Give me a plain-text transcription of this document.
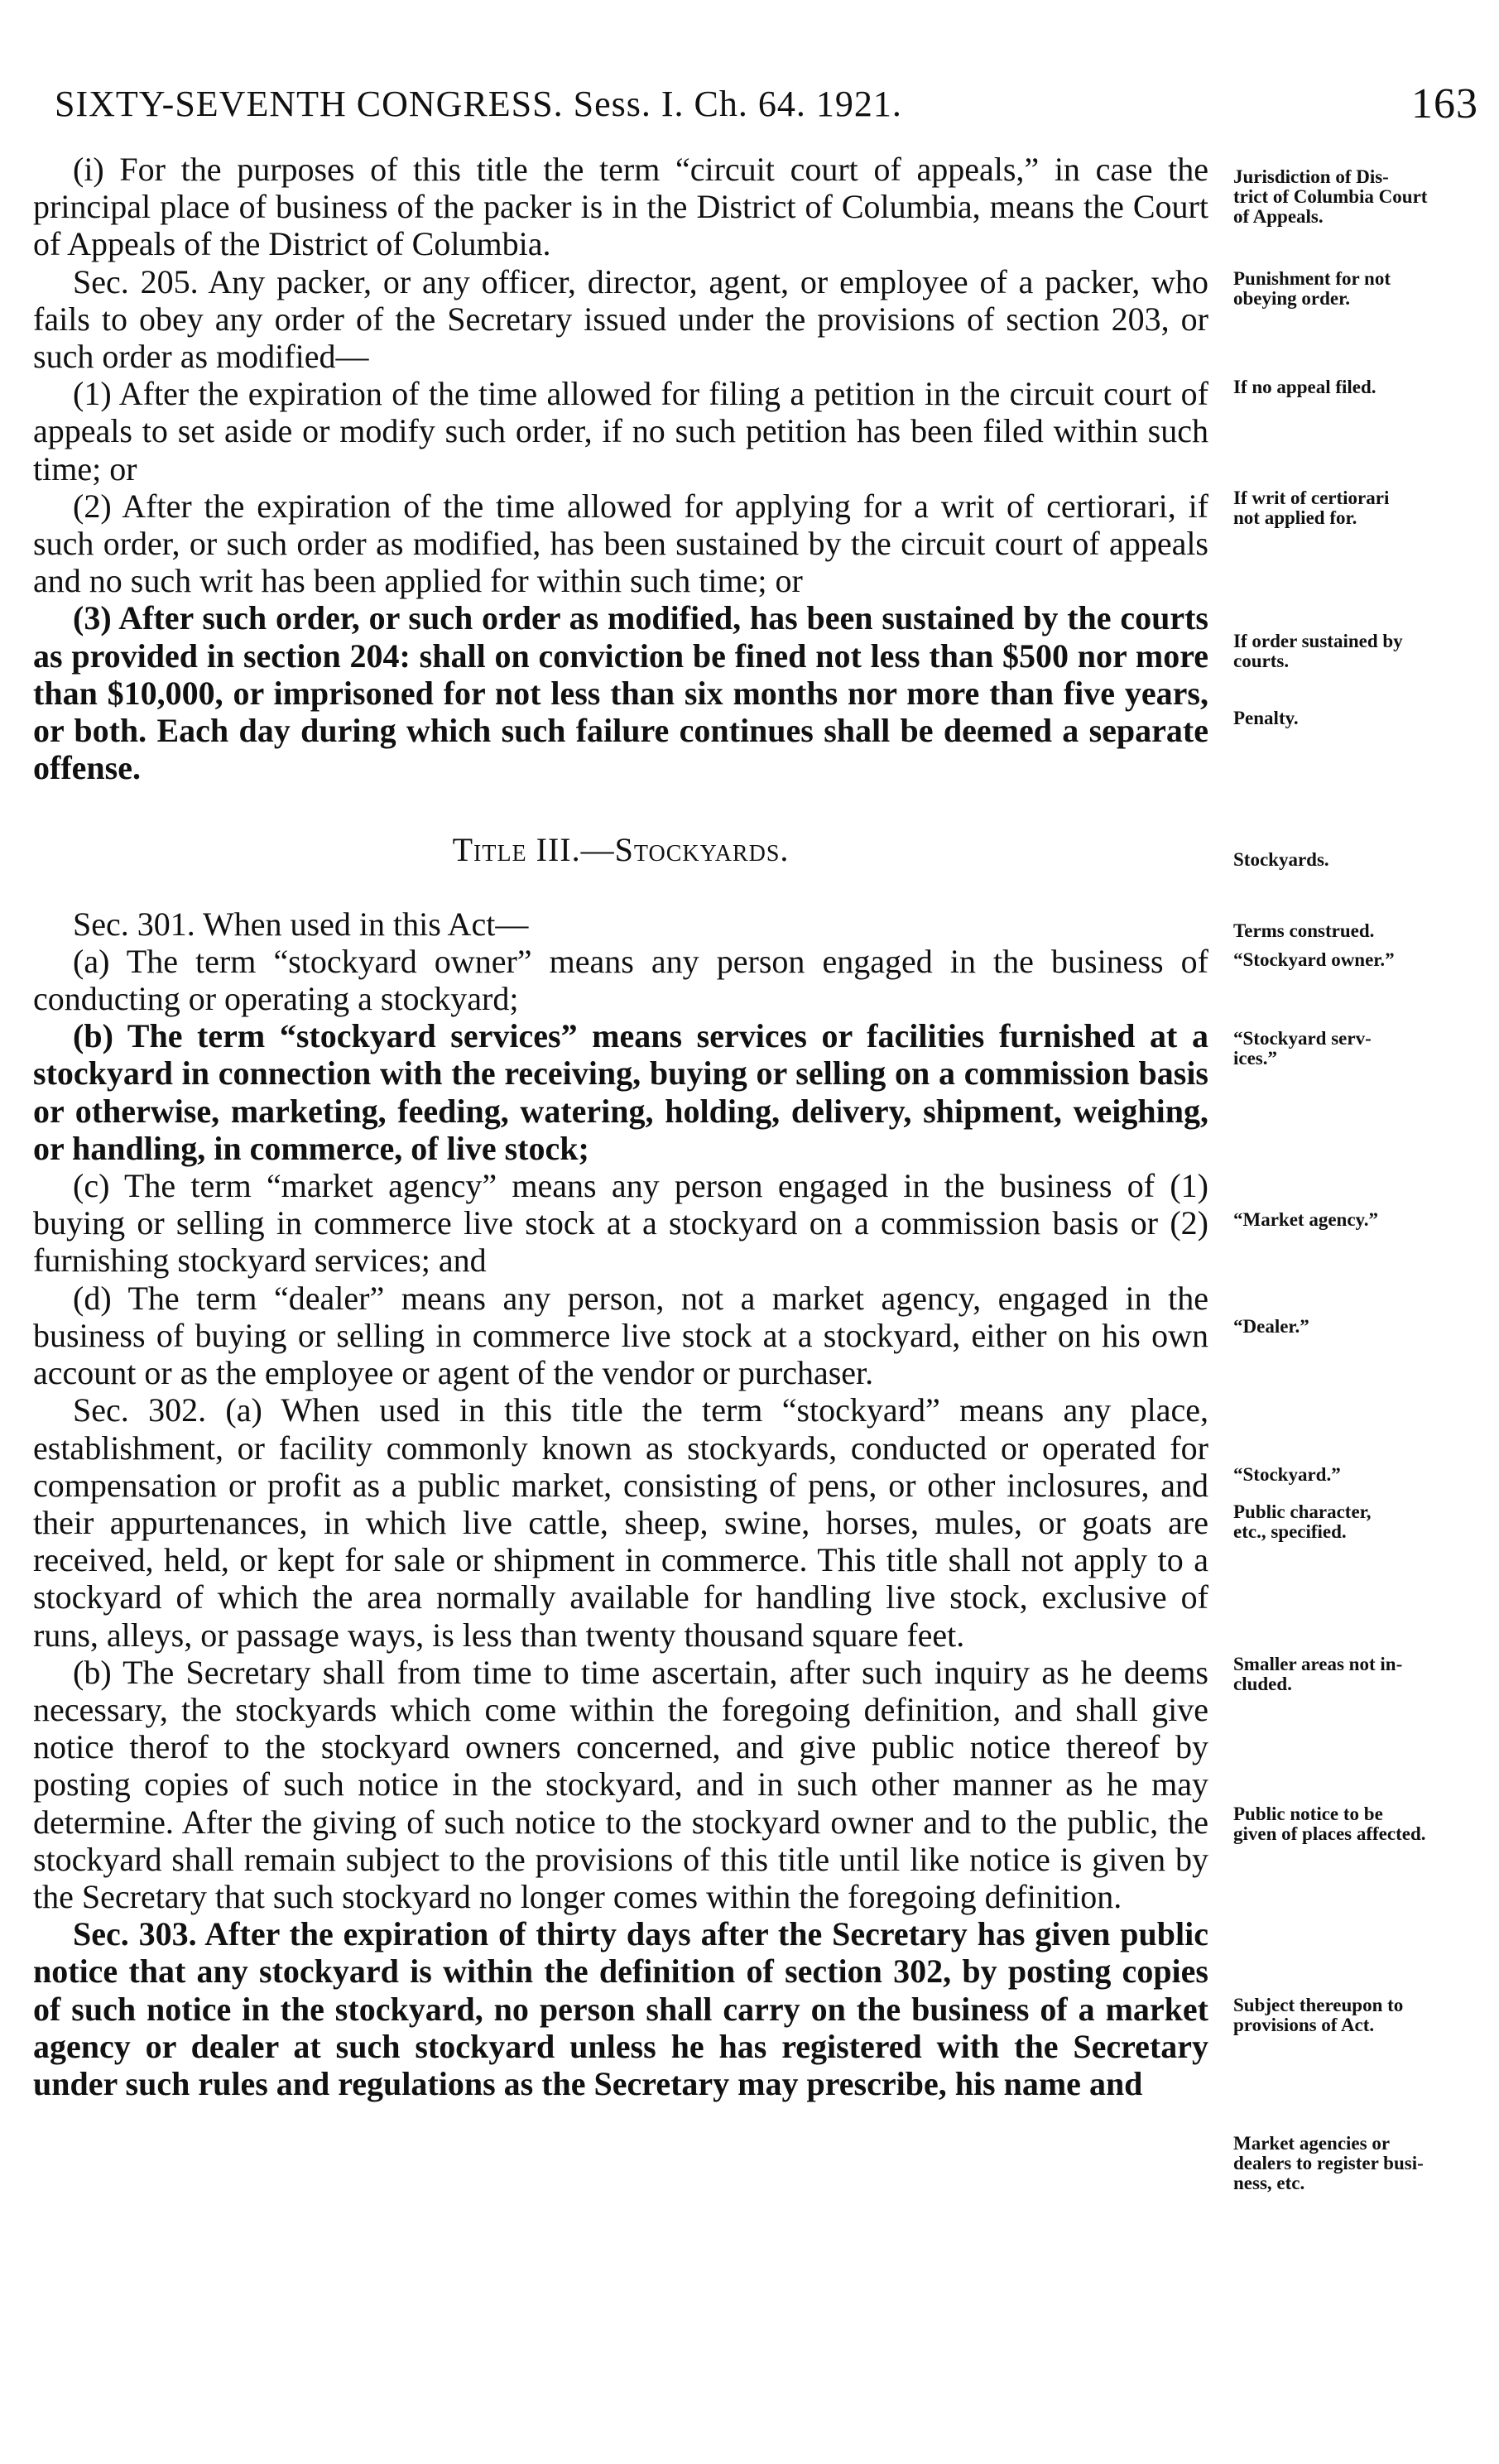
SIXTY-SEVENTH CONGRESS. Sess. I. Ch. 64. 1921.	163

(i) For the purposes of this title the term “circuit court of appeals,” in case the principal place of business of the packer is in the District of Columbia, means the Court of Appeals of the District of Columbia.

Sec. 205. Any packer, or any officer, director, agent, or employee of a packer, who fails to obey any order of the Secretary issued under the provisions of section 203, or such order as modified—

(1) After the expiration of the time allowed for filing a petition in the circuit court of appeals to set aside or modify such order, if no such petition has been filed within such time; or

(2) After the expiration of the time allowed for applying for a writ of certiorari, if such order, or such order as modified, has been sustained by the circuit court of appeals and no such writ has been applied for within such time; or

(3) After such order, or such order as modified, has been sustained by the courts as provided in section 204: shall on conviction be fined not less than $500 nor more than $10,000, or imprisoned for not less than six months nor more than five years, or both. Each day during which such failure continues shall be deemed a separate offense.

Title III.—Stockyards.

Sec. 301. When used in this Act—

(a) The term “stockyard owner” means any person engaged in the business of conducting or operating a stockyard;

(b) The term “stockyard services” means services or facilities furnished at a stockyard in connection with the receiving, buying or selling on a commission basis or otherwise, marketing, feeding, watering, holding, delivery, shipment, weighing, or handling, in commerce, of live stock;

(c) The term “market agency” means any person engaged in the business of (1) buying or selling in commerce live stock at a stockyard on a commission basis or (2) furnishing stockyard services; and

(d) The term “dealer” means any person, not a market agency, engaged in the business of buying or selling in commerce live stock at a stockyard, either on his own account or as the employee or agent of the vendor or purchaser.

Sec. 302. (a) When used in this title the term “stockyard” means any place, establishment, or facility commonly known as stockyards, conducted or operated for compensation or profit as a public market, consisting of pens, or other inclosures, and their appurtenances, in which live cattle, sheep, swine, horses, mules, or goats are received, held, or kept for sale or shipment in commerce. This title shall not apply to a stockyard of which the area normally available for handling live stock, exclusive of runs, alleys, or passage ways, is less than twenty thousand square feet.

(b) The Secretary shall from time to time ascertain, after such inquiry as he deems necessary, the stockyards which come within the foregoing definition, and shall give notice therof to the stockyard owners concerned, and give public notice thereof by posting copies of such notice in the stockyard, and in such other manner as he may determine. After the giving of such notice to the stockyard owner and to the public, the stockyard shall remain subject to the provisions of this title until like notice is given by the Secretary that such stockyard no longer comes within the foregoing definition.

Sec. 303. After the expiration of thirty days after the Secretary has given public notice that any stockyard is within the definition of section 302, by posting copies of such notice in the stockyard, no person shall carry on the business of a market agency or dealer at such stockyard unless he has registered with the Secretary under such rules and regulations as the Secretary may prescribe, his name and

Jurisdiction of Dis-
trict of Columbia Court
of Appeals.
Punishment for not
obeying order.
If no appeal filed.
If writ of certiorari
not applied for.
If order sustained by
courts.
Penalty.
Stockyards.
Terms construed.
“Stockyard owner.”
“Stockyard serv-
ices.”
“Market agency.”
“Dealer.”
“Stockyard.”
Public character,
etc., specified.
Smaller areas not in-
cluded.
Public notice to be
given of places affected.
Subject thereupon to
provisions of Act.
Market agencies or
dealers to register busi-
ness, etc.
